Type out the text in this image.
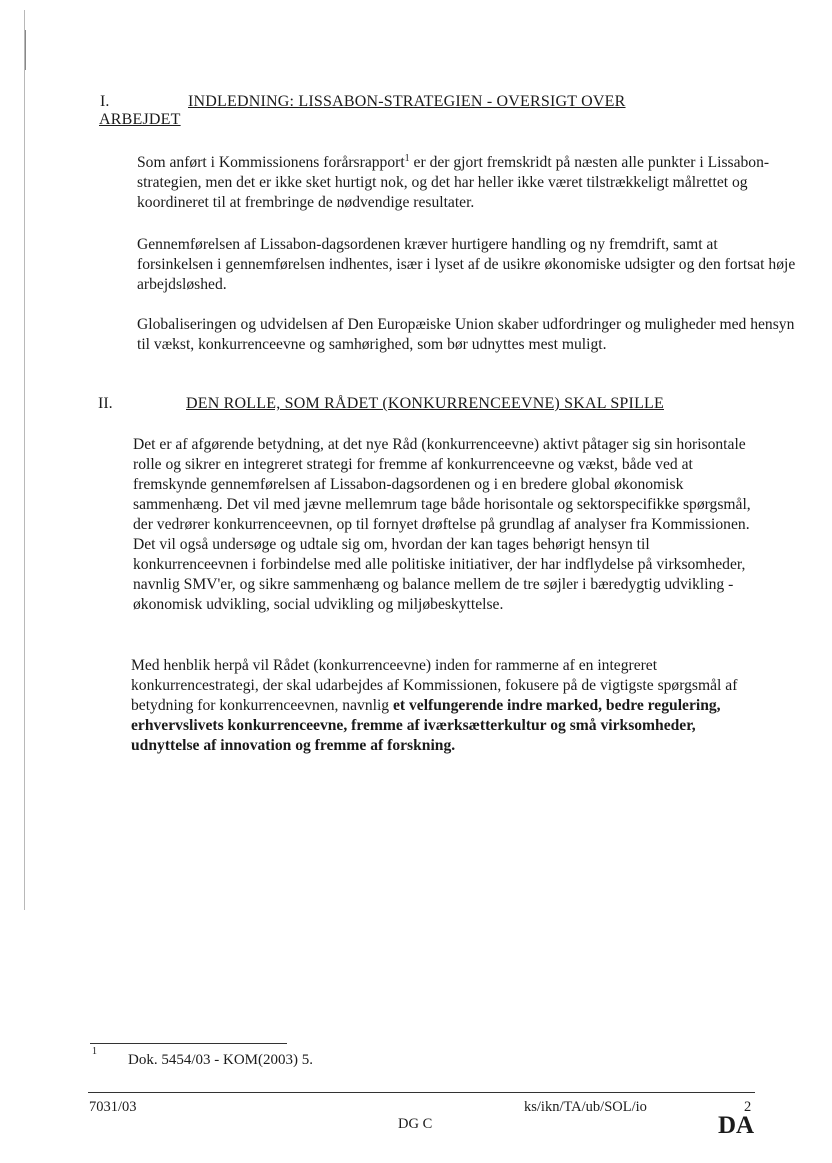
I.	INDLEDNING: LISSABON-STRATEGIEN - OVERSIGT OVER
ARBEJDET
Som anført i Kommissionens forårsrapport$^1$ er der gjort fremskridt på næsten alle punkter i Lissabon-strategien, men det er ikke sket hurtigt nok, og det har heller ikke været tilstrækkeligt målrettet og koordineret til at frembringe de nødvendige resultater.
Gennemførelsen af Lissabon-dagsordenen kræver hurtigere handling og ny fremdrift, samt at forsinkelsen i gennemførelsen indhentes, især i lyset af de usikre økonomiske udsigter og den fortsat høje arbejdsløshed.
Globaliseringen og udvidelsen af Den Europæiske Union skaber udfordringer og muligheder med hensyn til vækst, konkurrenceevne og samhørighed, som bør udnyttes mest muligt.
II.	DEN ROLLE, SOM RÅDET (KONKURRENCEEVNE) SKAL SPILLE
Det er af afgørende betydning, at det nye Råd (konkurrenceevne) aktivt påtager sig sin horisontale rolle og sikrer en integreret strategi for fremme af konkurrenceevne og vækst, både ved at fremskynde gennemførelsen af Lissabon-dagsordenen og i en bredere global økonomisk sammenhæng. Det vil med jævne mellemrum tage både horisontale og sektorspecifikke spørgsmål, der vedrører konkurrenceevnen, op til fornyet drøftelse på grundlag af analyser fra Kommissionen. Det vil også undersøge og udtale sig om, hvordan der kan tages behørigt hensyn til konkurrenceevnen i forbindelse med alle politiske initiativer, der har indflydelse på virksomheder, navnlig SMV'er, og sikre sammenhæng og balance mellem de tre søjler i bæredygtig udvikling - økonomisk udvikling, social udvikling og miljøbeskyttelse.
Med henblik herpå vil Rådet (konkurrenceevne) inden for rammerne af en integreret konkurrencestrategi, der skal udarbejdes af Kommissionen, fokusere på de vigtigste spørgsmål af betydning for konkurrenceevnen, navnlig et velfungerende indre marked, bedre regulering, erhvervslivets konkurrenceevne, fremme af iværksætterkultur og små virksomheder, udnyttelse af innovation og fremme af forskning.
1
Dok. 5454/03 - KOM(2003) 5.
7031/03
DG C
ks/ikn/TA/ub/SOL/io	2
DA
